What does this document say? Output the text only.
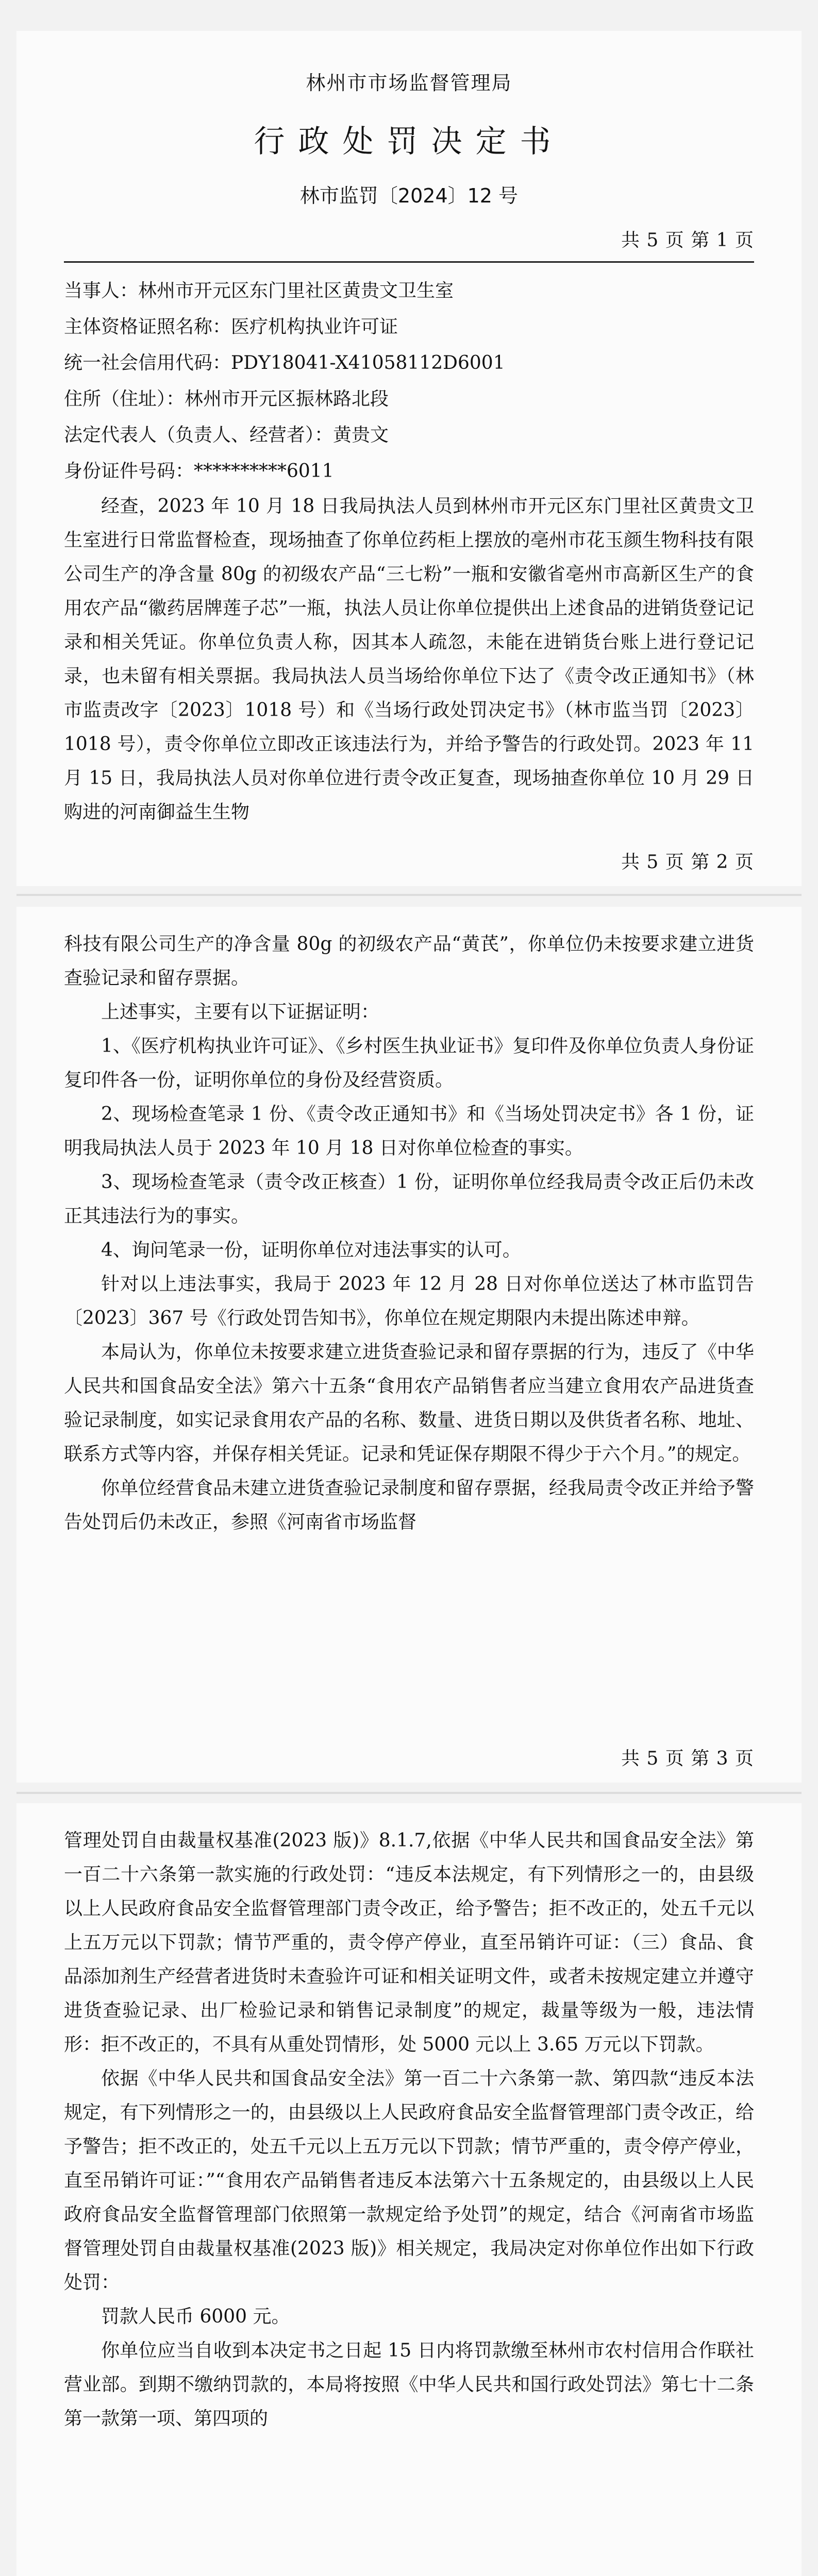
林州市市场监督管理局
行政处罚决定书
林市监罚〔2024〕12 号
共 5 页 第 1 页
当事人：林州市开元区东门里社区黄贵文卫生室
主体资格证照名称：医疗机构执业许可证
统一社会信用代码：PDY18041-X41058112D6001
住所（住址）：林州市开元区振林路北段
法定代表人（负责人、经营者）：黄贵文
身份证件号码：**********6011

经查，2023 年 10 月 18 日我局执法人员到林州市开元区东门里社区黄贵文卫生室进行日常监督检查，现场抽查了你单位药柜上摆放的亳州市花玉颜生物科技有限公司生产的净含量 80g 的初级农产品“三七粉”一瓶和安徽省亳州市高新区生产的食用农产品“徽药居牌莲子芯”一瓶，执法人员让你单位提供出上述食品的进销货登记记录和相关凭证。你单位负责人称，因其本人疏忽，未能在进销货台账上进行登记记录，也未留有相关票据。我局执法人员当场给你单位下达了《责令改正通知书》（林市监责改字〔2023〕1018 号）和《当场行政处罚决定书》（林市监当罚〔2023〕1018 号），责令你单位立即改正该违法行为，并给予警告的行政处罚。2023 年 11 月 15 日，我局执法人员对你单位进行责令改正复查，现场抽查你单位 10 月 29 日购进的河南御益生生物

共 5 页 第 2 页

科技有限公司生产的净含量 80g 的初级农产品“黄芪”，你单位仍未按要求建立进货查验记录和留存票据。

上述事实，主要有以下证据证明：

1、《医疗机构执业许可证》、《乡村医生执业证书》复印件及你单位负责人身份证复印件各一份，证明你单位的身份及经营资质。

2、现场检查笔录 1 份、《责令改正通知书》和《当场处罚决定书》各 1 份，证明我局执法人员于 2023 年 10 月 18 日对你单位检查的事实。

3、现场检查笔录（责令改正核查）1 份，证明你单位经我局责令改正后仍未改正其违法行为的事实。

4、询问笔录一份，证明你单位对违法事实的认可。

针对以上违法事实，我局于 2023 年 12 月 28 日对你单位送达了林市监罚告〔2023〕367 号《行政处罚告知书》，你单位在规定期限内未提出陈述申辩。

本局认为，你单位未按要求建立进货查验记录和留存票据的行为，违反了《中华人民共和国食品安全法》第六十五条“食用农产品销售者应当建立食用农产品进货查验记录制度，如实记录食用农产品的名称、数量、进货日期以及供货者名称、地址、联系方式等内容，并保存相关凭证。记录和凭证保存期限不得少于六个月。”的规定。

你单位经营食品未建立进货查验记录制度和留存票据，经我局责令改正并给予警告处罚后仍未改正，参照《河南省市场监督

共 5 页 第 3 页

管理处罚自由裁量权基准(2023 版)》8.1.7,依据《中华人民共和国食品安全法》第一百二十六条第一款实施的行政处罚：“违反本法规定，有下列情形之一的，由县级以上人民政府食品安全监督管理部门责令改正，给予警告；拒不改正的，处五千元以上五万元以下罚款；情节严重的，责令停产停业，直至吊销许可证：（三）食品、食品添加剂生产经营者进货时未查验许可证和相关证明文件，或者未按规定建立并遵守进货查验记录、出厂检验记录和销售记录制度”的规定，裁量等级为一般，违法情形：拒不改正的，不具有从重处罚情形，处 5000 元以上 3.65 万元以下罚款。

依据《中华人民共和国食品安全法》第一百二十六条第一款、第四款“违反本法规定，有下列情形之一的，由县级以上人民政府食品安全监督管理部门责令改正，给予警告；拒不改正的，处五千元以上五万元以下罚款；情节严重的，责令停产停业，直至吊销许可证：”“食用农产品销售者违反本法第六十五条规定的，由县级以上人民政府食品安全监督管理部门依照第一款规定给予处罚”的规定，结合《河南省市场监督管理处罚自由裁量权基准(2023 版)》相关规定，我局决定对你单位作出如下行政处罚：

罚款人民币 6000 元。

你单位应当自收到本决定书之日起 15 日内将罚款缴至林州市农村信用合作联社营业部。到期不缴纳罚款的，本局将按照《中华人民共和国行政处罚法》第七十二条第一款第一项、第四项的
